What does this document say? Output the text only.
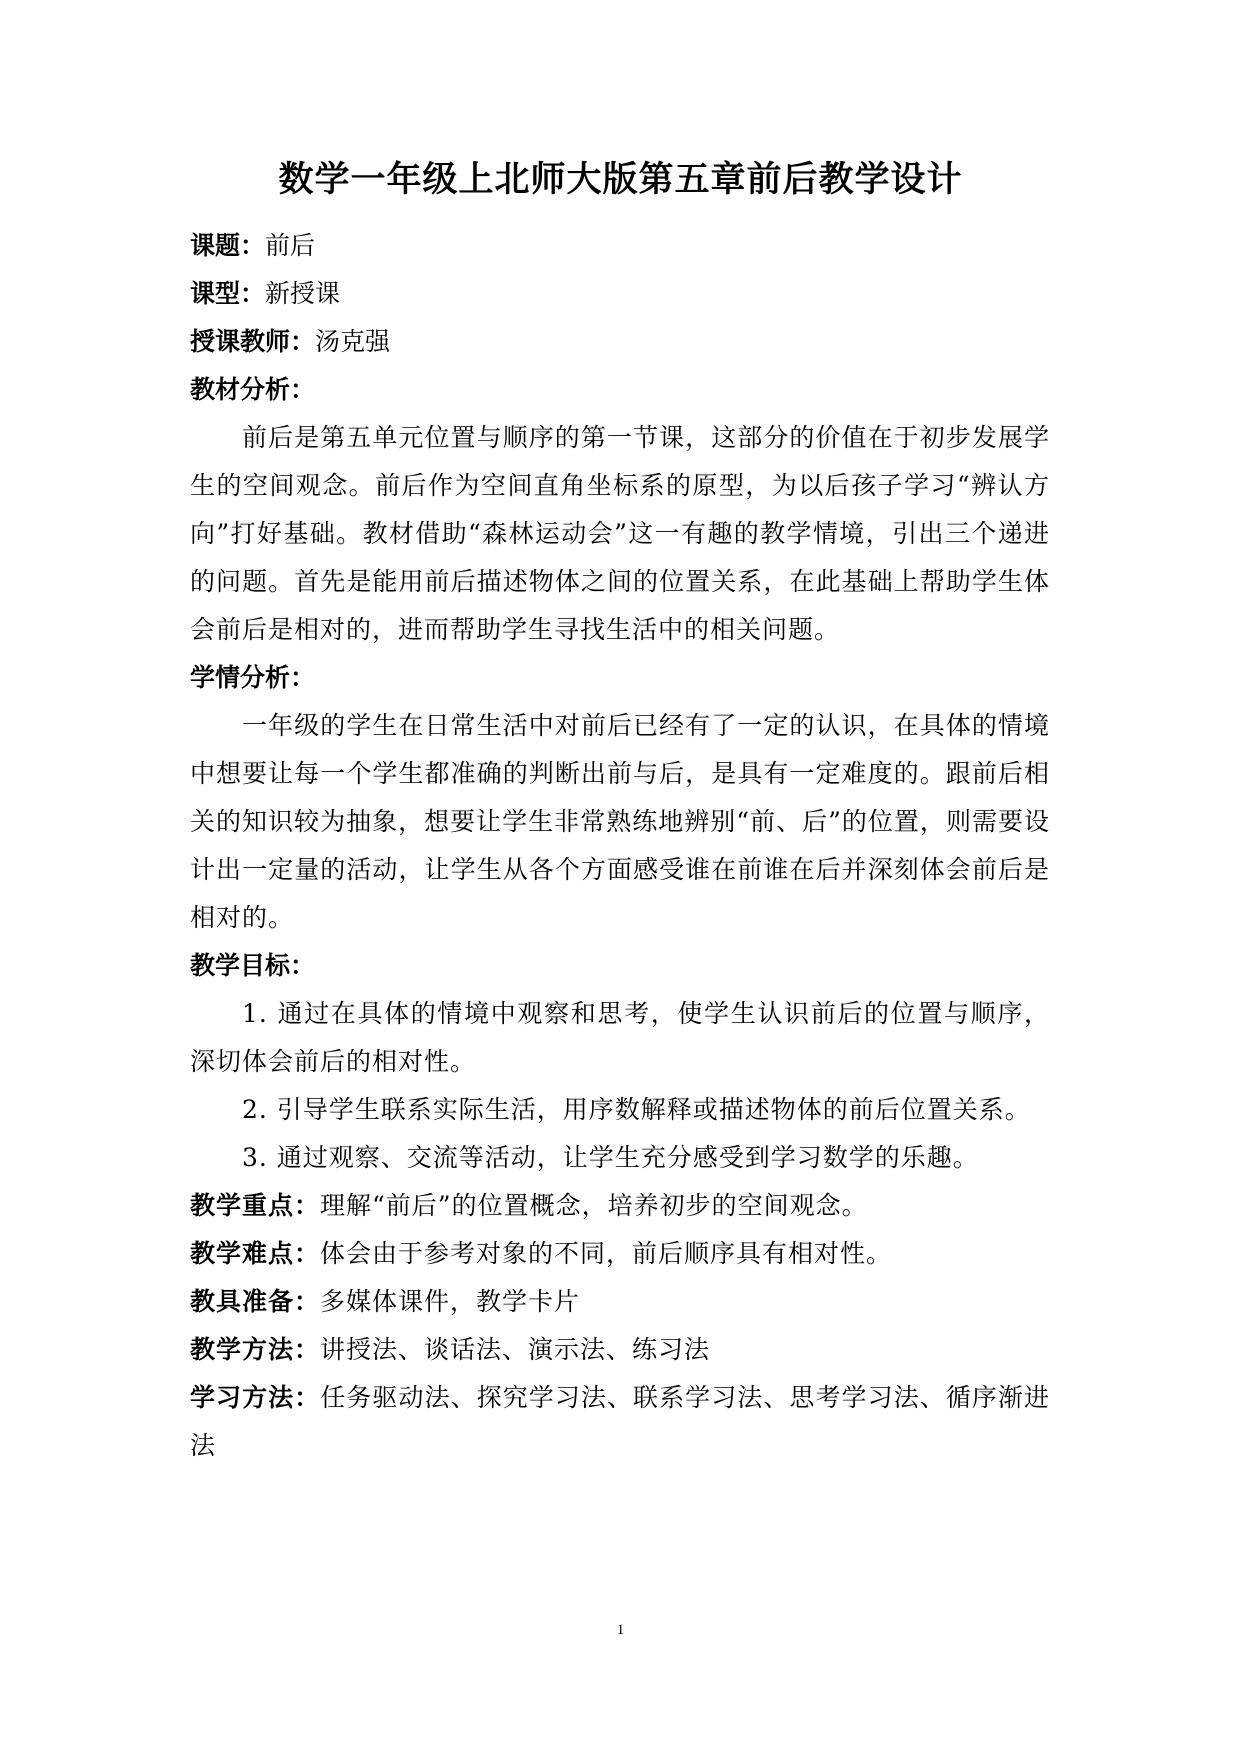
数学一年级上北师大版第五章前后教学设计
课题：前后
课型：新授课
授课教师：汤克强
教材分析：

前后是第五单元位置与顺序的第一节课，这部分的价值在于初步发展学生的空间观念。前后作为空间直角坐标系的原型，为以后孩子学习“辨认方向”打好基础。教材借助“森林运动会”这一有趣的教学情境，引出三个递进的问题。首先是能用前后描述物体之间的位置关系，在此基础上帮助学生体会前后是相对的，进而帮助学生寻找生活中的相关问题。

学情分析：

一年级的学生在日常生活中对前后已经有了一定的认识，在具体的情境中想要让每一个学生都准确的判断出前与后，是具有一定难度的。跟前后相关的知识较为抽象，想要让学生非常熟练地辨别“前、后”的位置，则需要设计出一定量的活动，让学生从各个方面感受谁在前谁在后并深刻体会前后是相对的。

教学目标：

1. 通过在具体的情境中观察和思考，使学生认识前后的位置与顺序，深切体会前后的相对性。

2. 引导学生联系实际生活，用序数解释或描述物体的前后位置关系。

3. 通过观察、交流等活动，让学生充分感受到学习数学的乐趣。

教学重点：理解“前后”的位置概念，培养初步的空间观念。
教学难点：体会由于参考对象的不同，前后顺序具有相对性。
教具准备：多媒体课件，教学卡片
教学方法：讲授法、谈话法、演示法、练习法
学习方法：任务驱动法、探究学习法、联系学习法、思考学习法、循序渐进法
1
